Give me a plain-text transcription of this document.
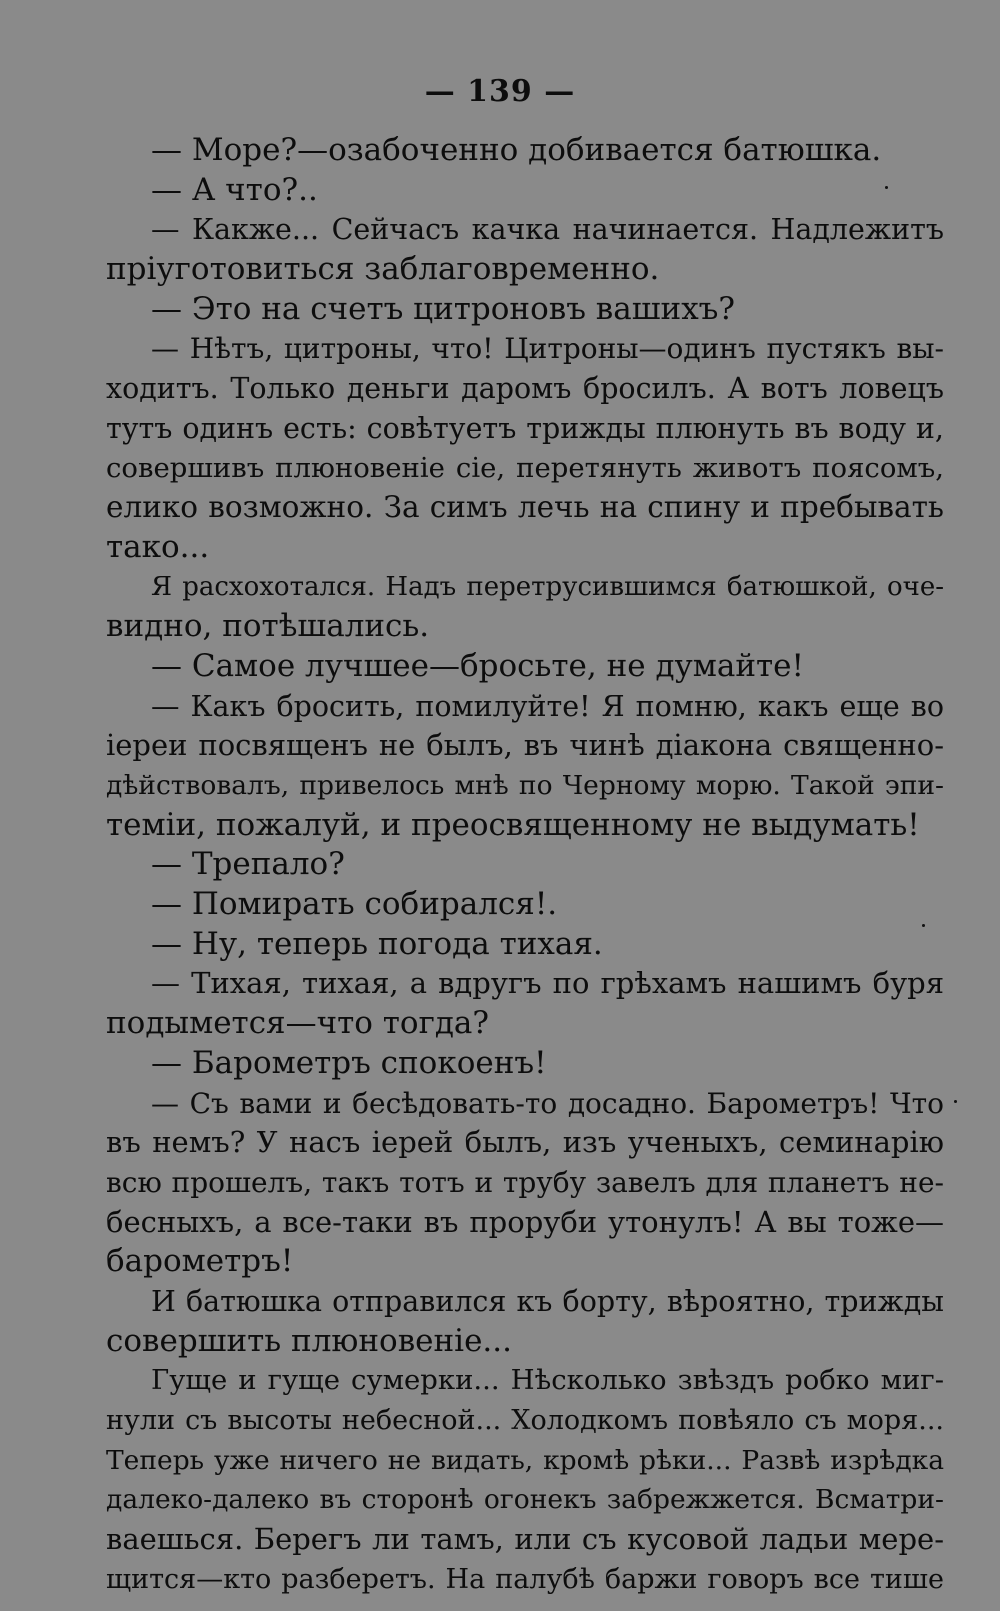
— 139 —
— Море?—озабоченно добивается батюшка.
— А что?..
— Какже... Сейчасъ качка начинается. Надлежитъ
пріуготовиться заблаговременно.
— Это на счетъ цитроновъ вашихъ?
— Нѣтъ, цитроны, что! Цитроны—одинъ пустякъ вы-
ходитъ. Только деньги даромъ бросилъ. А вотъ ловецъ
тутъ одинъ есть: совѣтуетъ трижды плюнуть въ воду и,
совершивъ плюновеніе сіе, перетянуть животъ поясомъ,
елико возможно. За симъ лечь на спину и пребывать
тако...
Я расхохотался. Надъ перетрусившимся батюшкой, оче-
видно, потѣшались.
— Самое лучшее—бросьте, не думайте!
— Какъ бросить, помилуйте! Я помню, какъ еще во
іереи посвященъ не былъ, въ чинѣ діакона священно-
дѣйствовалъ, привелось мнѣ по Черному морю. Такой эпи-
теміи, пожалуй, и преосвященному не выдумать!
— Трепало?
— Помирать собирался!.
— Ну, теперь погода тихая.
— Тихая, тихая, а вдругъ по грѣхамъ нашимъ буря
подымется—что тогда?
— Барометръ спокоенъ!
— Съ вами и бесѣдовать-то досадно. Барометръ! Что
въ немъ? У насъ іерей былъ, изъ ученыхъ, семинарію
всю прошелъ, такъ тотъ и трубу завелъ для планетъ не-
бесныхъ, а все-таки въ проруби утонулъ! А вы тоже—
барометръ!
И батюшка отправился къ борту, вѣроятно, трижды
совершить плюновеніе...
Гуще и гуще сумерки... Нѣсколько звѣздъ робко миг-
нули съ высоты небесной... Холодкомъ повѣяло съ моря...
Теперь уже ничего не видать, кромѣ рѣки... Развѣ изрѣдка
далеко-далеко въ сторонѣ огонекъ забрежжется. Всматри-
ваешься. Берегъ ли тамъ, или съ кусовой ладьи мере-
щится—кто разберетъ. На палубѣ баржи говоръ все тише
